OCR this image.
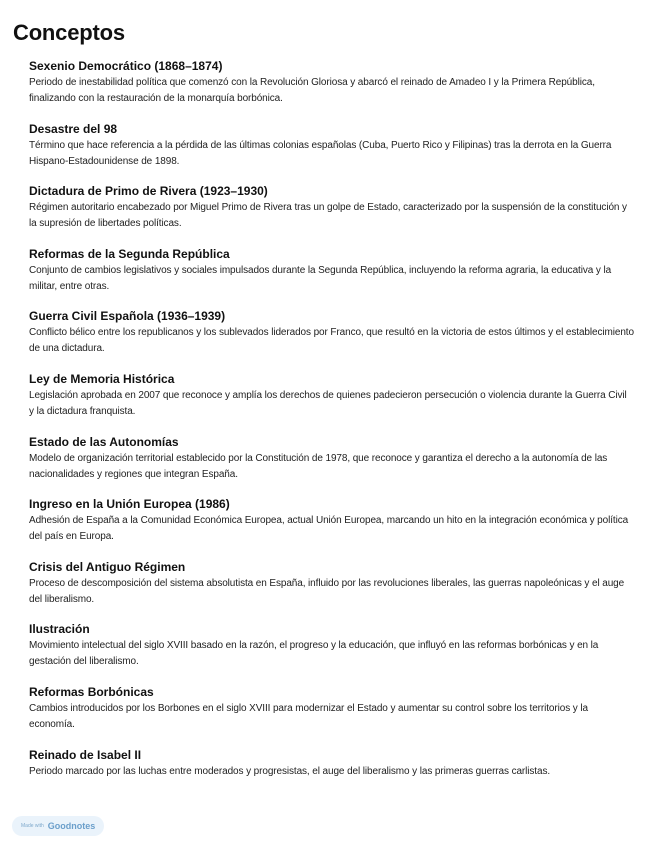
Conceptos
Sexenio Democrático (1868–1874)
Periodo de inestabilidad política que comenzó con la Revolución Gloriosa y abarcó el reinado de Amadeo I y la Primera República, finalizando con la restauración de la monarquía borbónica.
Desastre del 98
Término que hace referencia a la pérdida de las últimas colonias españolas (Cuba, Puerto Rico y Filipinas) tras la derrota en la Guerra Hispano-Estadounidense de 1898.
Dictadura de Primo de Rivera (1923–1930)
Régimen autoritario encabezado por Miguel Primo de Rivera tras un golpe de Estado, caracterizado por la suspensión de la constitución y la supresión de libertades políticas.
Reformas de la Segunda República
Conjunto de cambios legislativos y sociales impulsados durante la Segunda República, incluyendo la reforma agraria, la educativa y la militar, entre otras.
Guerra Civil Española (1936–1939)
Conflicto bélico entre los republicanos y los sublevados liderados por Franco, que resultó en la victoria de estos últimos y el establecimiento de una dictadura.
Ley de Memoria Histórica
Legislación aprobada en 2007 que reconoce y amplía los derechos de quienes padecieron persecución o violencia durante la Guerra Civil y la dictadura franquista.
Estado de las Autonomías
Modelo de organización territorial establecido por la Constitución de 1978, que reconoce y garantiza el derecho a la autonomía de las nacionalidades y regiones que integran España.
Ingreso en la Unión Europea (1986)
Adhesión de España a la Comunidad Económica Europea, actual Unión Europea, marcando un hito en la integración económica y política del país en Europa.
Crisis del Antiguo Régimen
Proceso de descomposición del sistema absolutista en España, influido por las revoluciones liberales, las guerras napoleónicas y el auge del liberalismo.
Ilustración
Movimiento intelectual del siglo XVIII basado en la razón, el progreso y la educación, que influyó en las reformas borbónicas y en la gestación del liberalismo.
Reformas Borbónicas
Cambios introducidos por los Borbones en el siglo XVIII para modernizar el Estado y aumentar su control sobre los territorios y la economía.
Reinado de Isabel II
Periodo marcado por las luchas entre moderados y progresistas, el auge del liberalismo y las primeras guerras carlistas.
Made with Goodnotes
